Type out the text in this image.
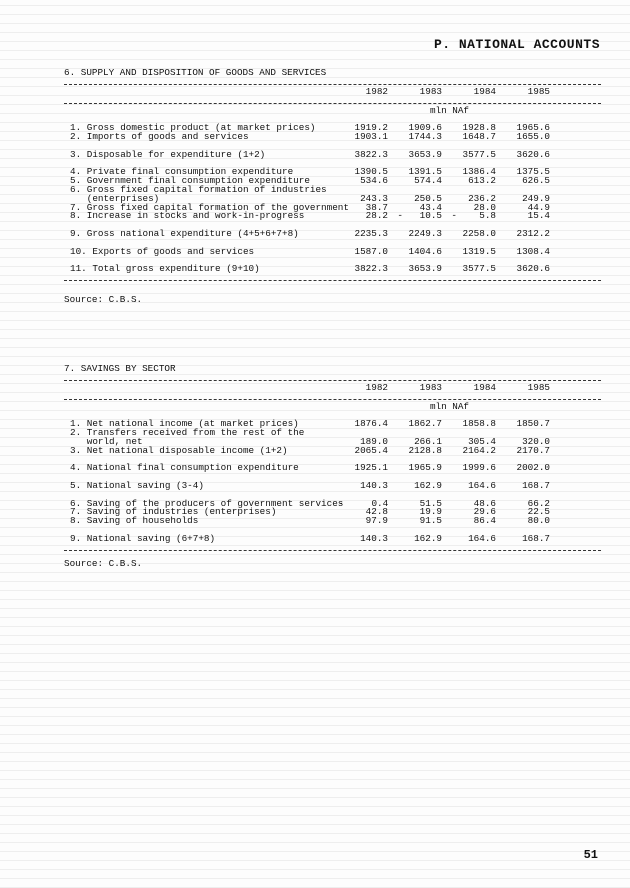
P. NATIONAL ACCOUNTS
6. SUPPLY AND DISPOSITION OF GOODS AND SERVICES
1982	1983	1984	1985
mln NAf
1. Gross domestic product (at market prices)	1919.2	1909.6	1928.8	1965.6
2. Imports of goods and services	1903.1	1744.3	1648.7	1655.0
3. Disposable for expenditure (1+2)	3822.3	3653.9	3577.5	3620.6
4. Private final consumption expenditure	1390.5	1391.5	1386.4	1375.5
5. Government final consumption expenditure	534.6	574.4	613.2	626.5
6. Gross fixed capital formation of industries
(enterprises)	243.3	250.5	236.2	249.9
7. Gross fixed capital formation of the government	38.7	43.4	28.0	44.9
8. Increase in stocks and work-in-progress	28.2	-   10.5	-    5.8	15.4
9. Gross national expenditure (4+5+6+7+8)	2235.3	2249.3	2258.0	2312.2
10. Exports of goods and services	1587.0	1404.6	1319.5	1308.4
11. Total gross expenditure (9+10)	3822.3	3653.9	3577.5	3620.6
Source: C.B.S.
7. SAVINGS BY SECTOR
1982	1983	1984	1985
mln NAf
1. Net national income (at market prices)	1876.4	1862.7	1858.8	1850.7
2. Transfers received from the rest of the
world, net	189.0	266.1	305.4	320.0
3. Net national disposable income (1+2)	2065.4	2128.8	2164.2	2170.7
4. National final consumption expenditure	1925.1	1965.9	1999.6	2002.0
5. National saving (3-4)	140.3	162.9	164.6	168.7
6. Saving of the producers of government services
-     0.4	51.5	48.6	66.2
7. Saving of industries (enterprises)	42.8	19.9	29.6	22.5
8. Saving of households	97.9	91.5	86.4	80.0
9. National saving (6+7+8)	140.3	162.9	164.6	168.7
Source: C.B.S.
51
